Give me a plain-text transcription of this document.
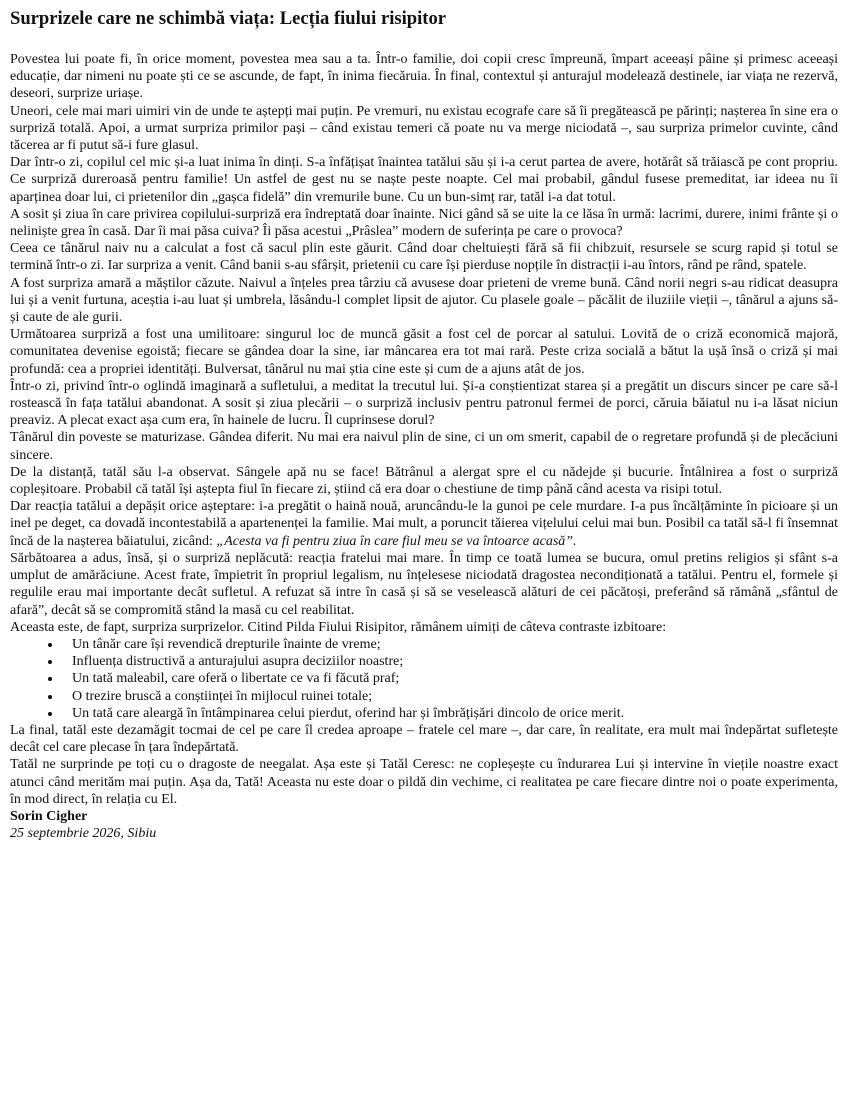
Surprizele care ne schimbă viața: Lecția fiului risipitor

Povestea lui poate fi, în orice moment, povestea mea sau a ta. Într-o familie, doi copii cresc împreună, împart aceeași pâine și primesc aceeași educație, dar nimeni nu poate ști ce se ascunde, de fapt, în inima fiecăruia. În final, contextul și anturajul modelează destinele, iar viața ne rezervă, deseori, surprize uriașe.

Uneori, cele mai mari uimiri vin de unde te aștepți mai puțin. Pe vremuri, nu existau ecografe care să îi pregătească pe părinți; nașterea în sine era o surpriză totală. Apoi, a urmat surpriza primilor pași – când existau temeri că poate nu va merge niciodată –, sau surpriza primelor cuvinte, când tăcerea ar fi putut să-i fure glasul.

Dar într-o zi, copilul cel mic și-a luat inima în dinți. S-a înfățișat înaintea tatălui său și i-a cerut partea de avere, hotărât să trăiască pe cont propriu. Ce surpriză dureroasă pentru familie! Un astfel de gest nu se naște peste noapte. Cel mai probabil, gândul fusese premeditat, iar ideea nu îi aparținea doar lui, ci prietenilor din „gașca fidelă” din vremurile bune. Cu un bun-simț rar, tatăl i-a dat totul.

A sosit și ziua în care privirea copilului-surpriză era îndreptată doar înainte. Nici gând să se uite la ce lăsa în urmă: lacrimi, durere, inimi frânte și o neliniște grea în casă. Dar îi mai păsa cuiva? Îi păsa acestui „Prâslea” modern de suferința pe care o provoca?

Ceea ce tânărul naiv nu a calculat a fost că sacul plin este găurit. Când doar cheltuiești fără să fii chibzuit, resursele se scurg rapid și totul se termină într-o zi. Iar surpriza a venit. Când banii s-au sfârșit, prietenii cu care își pierduse nopțile în distracții i-au întors, rând pe rând, spatele.

A fost surpriza amară a măștilor căzute. Naivul a înțeles prea târziu că avusese doar prieteni de vreme bună. Când norii negri s-au ridicat deasupra lui și a venit furtuna, aceștia i-au luat și umbrela, lăsându-l complet lipsit de ajutor. Cu plasele goale – păcălit de iluziile vieții –, tânărul a ajuns să-și caute de ale gurii.

Următoarea surpriză a fost una umilitoare: singurul loc de muncă găsit a fost cel de porcar al satului. Lovită de o criză economică majoră, comunitatea devenise egoistă; fiecare se gândea doar la sine, iar mâncarea era tot mai rară. Peste criza socială a bătut la ușă însă o criză și mai profundă: cea a propriei identități. Bulversat, tânărul nu mai știa cine este și cum de a ajuns atât de jos.

Într-o zi, privind într-o oglindă imaginară a sufletului, a meditat la trecutul lui. Și-a conștientizat starea și a pregătit un discurs sincer pe care să-l rostească în fața tatălui abandonat. A sosit și ziua plecării – o surpriză inclusiv pentru patronul fermei de porci, căruia băiatul nu i-a lăsat niciun preaviz. A plecat exact așa cum era, în hainele de lucru. Îl cuprinsese dorul?

Tânărul din poveste se maturizase. Gândea diferit. Nu mai era naivul plin de sine, ci un om smerit, capabil de o regretare profundă și de plecăciuni sincere.

De la distanță, tatăl său l-a observat. Sângele apă nu se face! Bătrânul a alergat spre el cu nădejde și bucurie. Întâlnirea a fost o surpriză copleșitoare. Probabil că tatăl își aștepta fiul în fiecare zi, știind că era doar o chestiune de timp până când acesta va risipi totul.

Dar reacția tatălui a depășit orice așteptare: i-a pregătit o haină nouă, aruncându-le la gunoi pe cele murdare. I-a pus încălțăminte în picioare și un inel pe deget, ca dovadă incontestabilă a apartenenței la familie. Mai mult, a poruncit tăierea vițelului celui mai bun. Posibil ca tatăl să-l fi însemnat încă de la nașterea băiatului, zicând: „Acesta va fi pentru ziua în care fiul meu se va întoarce acasă”.

Sărbătoarea a adus, însă, și o surpriză neplăcută: reacția fratelui mai mare. În timp ce toată lumea se bucura, omul pretins religios și sfânt s-a umplut de amărăciune. Acest frate, împietrit în propriul legalism, nu înțelesese niciodată dragostea necondiționată a tatălui. Pentru el, formele și regulile erau mai importante decât sufletul. A refuzat să intre în casă și să se veselească alături de cei păcătoși, preferând să rămână „sfântul de afară”, decât să se compromită stând la masă cu cel reabilitat.

Aceasta este, de fapt, surpriza surprizelor. Citind Pilda Fiului Risipitor, rămânem uimiți de câteva contraste izbitoare:

• Un tânăr care își revendică drepturile înainte de vreme;
• Influența distructivă a anturajului asupra deciziilor noastre;
• Un tată maleabil, care oferă o libertate ce va fi făcută praf;
• O trezire bruscă a conștiinței în mijlocul ruinei totale;
• Un tată care aleargă în întâmpinarea celui pierdut, oferind har și îmbrățișări dincolo de orice merit.

La final, tatăl este dezamăgit tocmai de cel pe care îl credea aproape – fratele cel mare –, dar care, în realitate, era mult mai îndepărtat sufletește decât cel care plecase în țara îndepărtată.

Tatăl ne surprinde pe toți cu o dragoste de neegalat. Așa este și Tatăl Ceresc: ne copleșește cu îndurarea Lui și intervine în viețile noastre exact atunci când merităm mai puțin. Așa da, Tată! Aceasta nu este doar o pildă din vechime, ci realitatea pe care fiecare dintre noi o poate experimenta, în mod direct, în relația cu El.

Sorin Cigher

25 septembrie 2026, Sibiu
